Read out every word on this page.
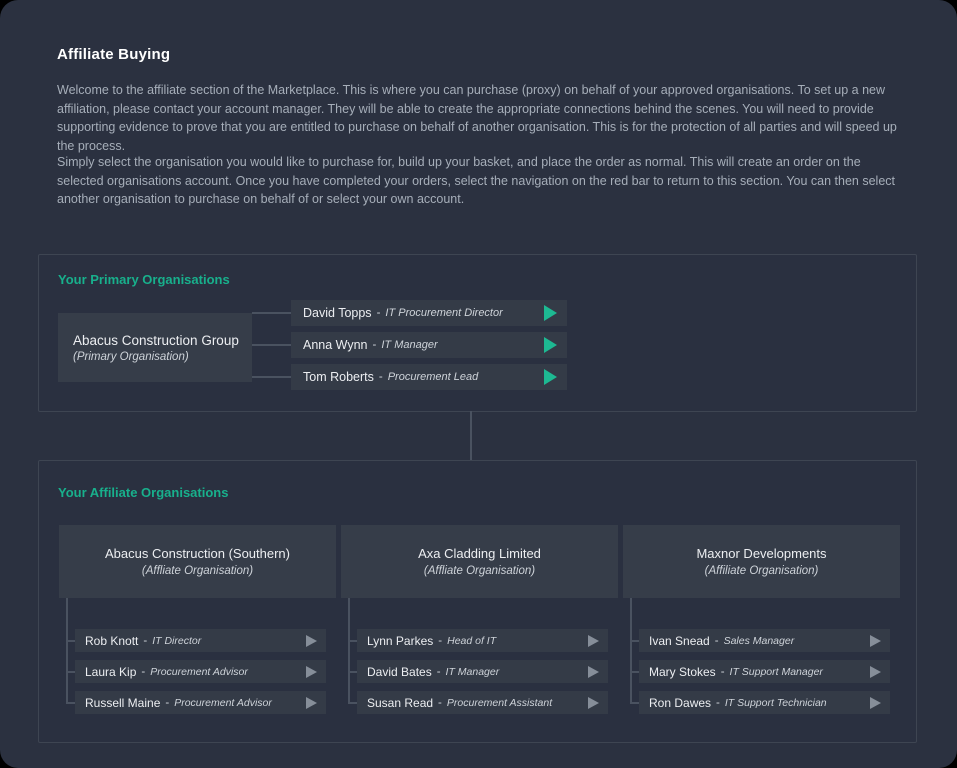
Affiliate Buying

Welcome to the affiliate section of the Marketplace. This is where you can purchase (proxy) on behalf of your approved organisations. To set up a new affiliation, please contact your account manager. They will be able to create the appropriate connections behind the scenes. You will need to provide supporting evidence to prove that you are entitled to purchase on behalf of another organisation. This is for the protection of all parties and will speed up the process.

Simply select the organisation you would like to purchase for, build up your basket, and place the order as normal. This will create an order on the selected organisations account. Once you have completed your orders, select the navigation on the red bar to return to this section. You can then select another organisation to purchase on behalf of or select your own account.

Your Primary Organisations
Abacus Construction Group
(Primary Organisation)
David Topps - IT Procurement Director
Anna Wynn - IT Manager
Tom Roberts - Procurement Lead
Your Affiliate Organisations
Abacus Construction (Southern)
(Affliate Organisation)
Rob Knott - IT Director
Laura Kip - Procurement Advisor
Russell Maine - Procurement Advisor
Axa Cladding Limited
(Affliate Organisation)
Lynn Parkes - Head of IT
David Bates - IT Manager
Susan Read - Procurement Assistant
Maxnor Developments
(Affiliate Organisation)
Ivan Snead - Sales Manager
Mary Stokes - IT Support Manager
Ron Dawes - IT Support Technician
